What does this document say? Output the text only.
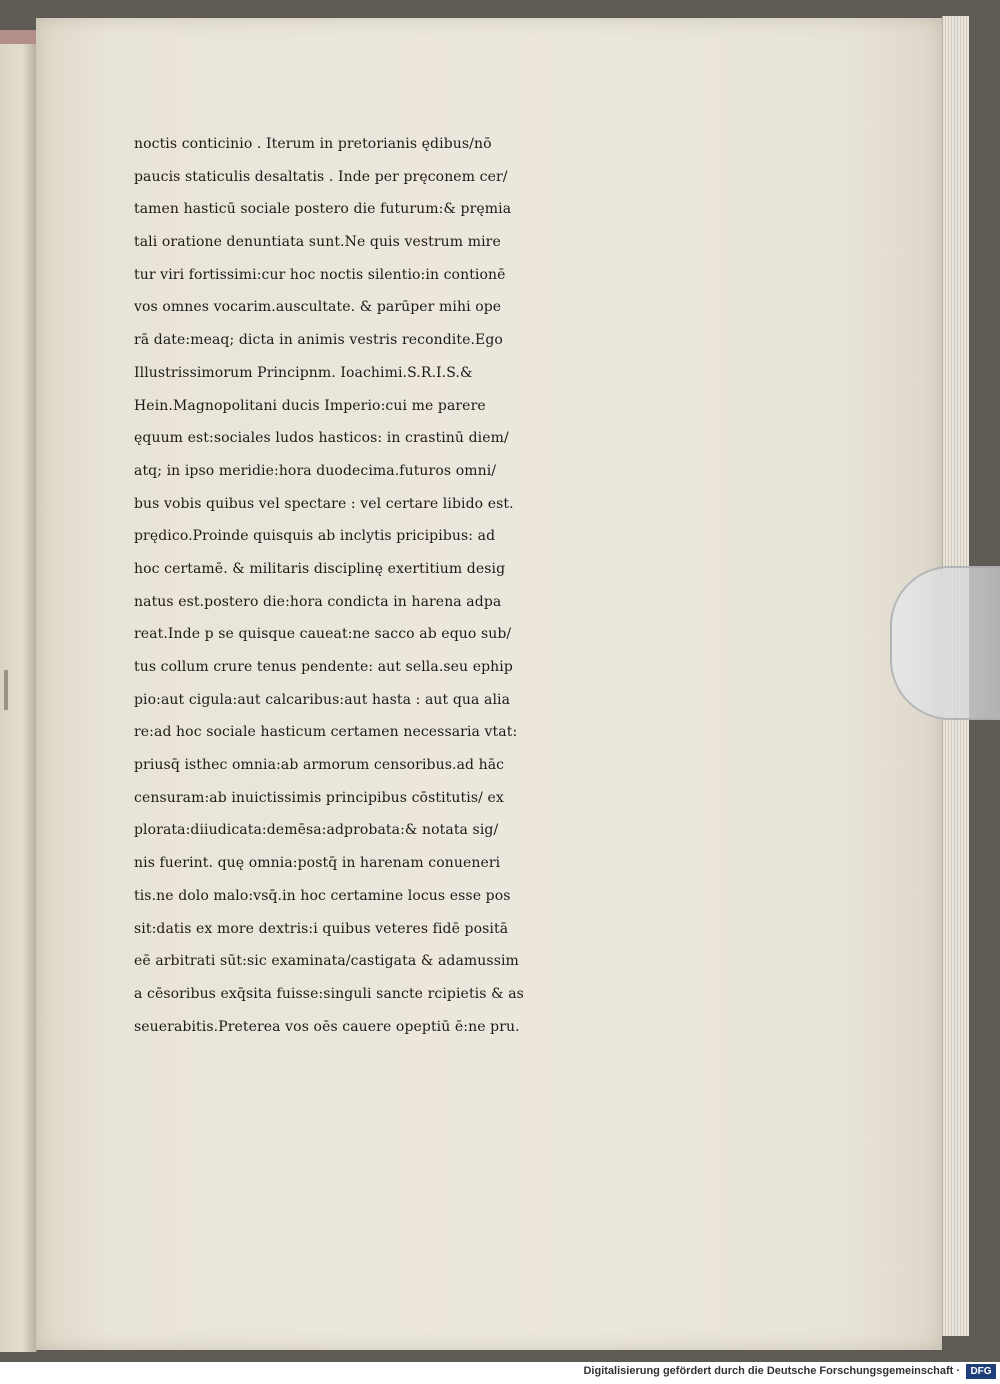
noctis conticinio . Iterum in pretorianis ędibus/nō
paucis staticulis desaltatis . Inde per pręconem cer/
tamen hasticū sociale postero die futurum:& pręmia
tali oratione denuntiata sunt.Ne quis vestrum mire
tur viri fortissimi:cur hoc noctis silentio:in contionē
vos omnes vocarim.auscultate. & parūper mihi ope
rā date:meaq; dicta in animis vestris recondite.Ego
Illustrissimorum Principnm. Ioachimi.S.R.I.S.&
Hein.Magnopolitani ducis Imperio:cui me parere
ęquum est:sociales ludos hasticos: in crastinū diem/
atq; in ipso meridie:hora duodecima.futuros omni/
bus vobis quibus vel spectare : vel certare libido est.
prędico.Proinde quisquis ab inclytis pricipibus: ad
hoc certamē. & militaris disciplinę exertitium desig
natus est.postero die:hora condicta in harena adpa
reat.Inde p se quisque caueat:ne sacco ab equo sub/
tus collum crure tenus pendente: aut sella.seu ephip
pio:aut cigula:aut calcaribus:aut hasta : aut qua alia
re:ad hoc sociale hasticum certamen necessaria vtat:
priusq̄ isthec omnia:ab armorum censoribus.ad hāc
censuram:ab inuictissimis principibus cōstitutis/ ex
plorata:diiudicata:demēsa:adprobata:& notata sig/
nis fuerint. quę omnia:postq̄ in harenam conueneri
tis.ne dolo malo:vsq̄.in hoc certamine locus esse pos
sit:datis ex more dextris:i quibus veteres fidē positā
eē arbitrati sūt:sic examinata/castigata & adamussim
a cēsoribus exq̄sita fuisse:singuli sancte rcipietis & as
seuerabitis.Preterea vos oēs cauere opeptiū ē:ne pru.
Digitalisierung gefördert durch die Deutsche Forschungsgemeinschaft ·	DFG
